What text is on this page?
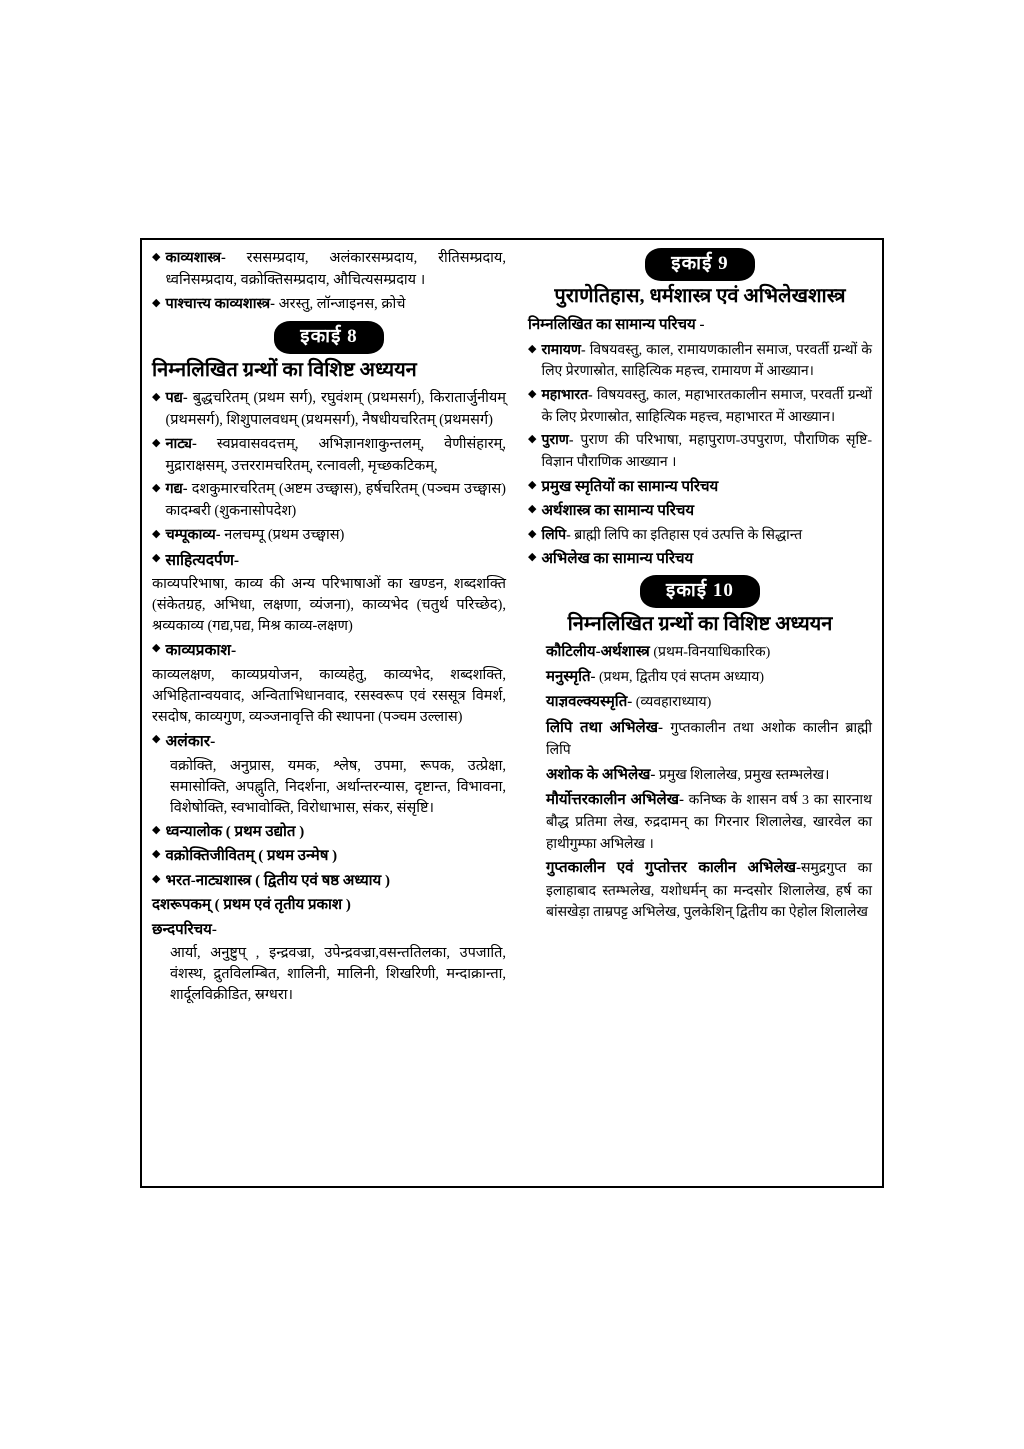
◆ काव्यशास्त्र- रससम्प्रदाय, अलंकारसम्प्रदाय, रीतिसम्प्रदाय, ध्वनिसम्प्रदाय, वक्रोक्तिसम्प्रदाय, औचित्यसम्प्रदाय ।
◆ पाश्चात्त्य काव्यशास्त्र- अरस्तु, लॉन्जाइनस, क्रोचे
इकाई 8
निम्नलिखित ग्रन्थों का विशिष्ट अध्ययन
◆ पद्य- बुद्धचरितम् (प्रथम सर्ग), रघुवंशम् (प्रथमसर्ग), किरातार्जुनीयम् (प्रथमसर्ग), शिशुपालवधम् (प्रथमसर्ग), नैषधीयचरितम् (प्रथमसर्ग)
◆ नाट्य- स्वप्नवासवदत्तम्, अभिज्ञानशाकुन्तलम्, वेणीसंहारम्, मुद्राराक्षसम्, उत्तररामचरितम्, रत्नावली, मृच्छकटिकम्,
◆ गद्य- दशकुमारचरितम् (अष्टम उच्छ्वास), हर्षचरितम् (पञ्चम उच्छ्वास) कादम्बरी (शुकनासोपदेश)
◆ चम्पूकाव्य- नलचम्पू (प्रथम उच्छ्वास)
◆ साहित्यदर्पण-
काव्यपरिभाषा, काव्य की अन्य परिभाषाओं का खण्डन, शब्दशक्ति (संकेतग्रह, अभिधा, लक्षणा, व्यंजना), काव्यभेद (चतुर्थ परिच्छेद), श्रव्यकाव्य (गद्य,पद्य, मिश्र काव्य-लक्षण)
◆ काव्यप्रकाश-
काव्यलक्षण, काव्यप्रयोजन, काव्यहेतु, काव्यभेद, शब्दशक्ति, अभिहितान्वयवाद, अन्विताभिधानवाद, रसस्वरूप एवं रससूत्र विमर्श, रसदोष, काव्यगुण, व्यञ्जनावृत्ति की स्थापना (पञ्चम उल्लास)
◆ अलंकार-
वक्रोक्ति, अनुप्रास, यमक, श्लेष, उपमा, रूपक, उत्प्रेक्षा, समासोक्ति, अपह्नुति, निदर्शना, अर्थान्तरन्यास, दृष्टान्त, विभावना, विशेषोक्ति, स्वभावोक्ति, विरोधाभास, संकर, संसृष्टि।
◆ ध्वन्यालोक ( प्रथम उद्योत )
◆ वक्रोक्तिजीवितम् ( प्रथम उन्मेष )
◆ भरत-नाट्यशास्त्र ( द्वितीय एवं षष्ठ अध्याय )
दशरूपकम् ( प्रथम एवं तृतीय प्रकाश )
छन्दपरिचय-
आर्या, अनुष्टुप् , इन्द्रवज्रा, उपेन्द्रवज्रा,वसन्ततिलका, उपजाति, वंशस्थ, द्रुतविलम्बित, शालिनी, मालिनी, शिखरिणी, मन्दाक्रान्ता, शार्दूलविक्रीडित, स्रग्धरा।
इकाई 9
पुराणेतिहास, धर्मशास्त्र एवं अभिलेखशास्त्र
निम्नलिखित का सामान्य परिचय -
◆ रामायण- विषयवस्तु, काल, रामायणकालीन समाज, परवर्ती ग्रन्थों के लिए प्रेरणास्रोत, साहित्यिक महत्त्व, रामायण में आख्यान।
◆ महाभारत- विषयवस्तु, काल, महाभारतकालीन समाज, परवर्ती ग्रन्थों के लिए प्रेरणास्रोत, साहित्यिक महत्त्व, महाभारत में आख्यान।
◆ पुराण- पुराण की परिभाषा, महापुराण-उपपुराण, पौराणिक सृष्टि-विज्ञान पौराणिक आख्यान ।
◆ प्रमुख स्मृतियों का सामान्य परिचय
◆ अर्थशास्त्र का सामान्य परिचय
◆ लिपि- ब्राह्मी लिपि का इतिहास एवं उत्पत्ति के सिद्धान्त
◆ अभिलेख का सामान्य परिचय
इकाई 10
निम्नलिखित ग्रन्थों का विशिष्ट अध्ययन
कौटिलीय-अर्थशास्त्र (प्रथम-विनयाधिकारिक)
मनुस्मृति- (प्रथम, द्वितीय एवं सप्तम अध्याय)
याज्ञवल्क्यस्मृति- (व्यवहाराध्याय)
लिपि तथा अभिलेख- गुप्तकालीन तथा अशोक कालीन ब्राह्मी लिपि
अशोक के अभिलेख- प्रमुख शिलालेख, प्रमुख स्तम्भलेख।
मौर्योत्तरकालीन अभिलेख- कनिष्क के शासन वर्ष 3 का सारनाथ बौद्ध प्रतिमा लेख, रुद्रदामन् का गिरनार शिलालेख, खारवेल का हाथीगुम्फा अभिलेख ।
गुप्तकालीन एवं गुप्तोत्तर कालीन अभिलेख-समुद्रगुप्त का इलाहाबाद स्तम्भलेख, यशोधर्मन् का मन्दसोर शिलालेख, हर्ष का बांसखेड़ा ताम्रपट्ट अभिलेख, पुलकेशिन् द्वितीय का ऐहोल शिलालेख
